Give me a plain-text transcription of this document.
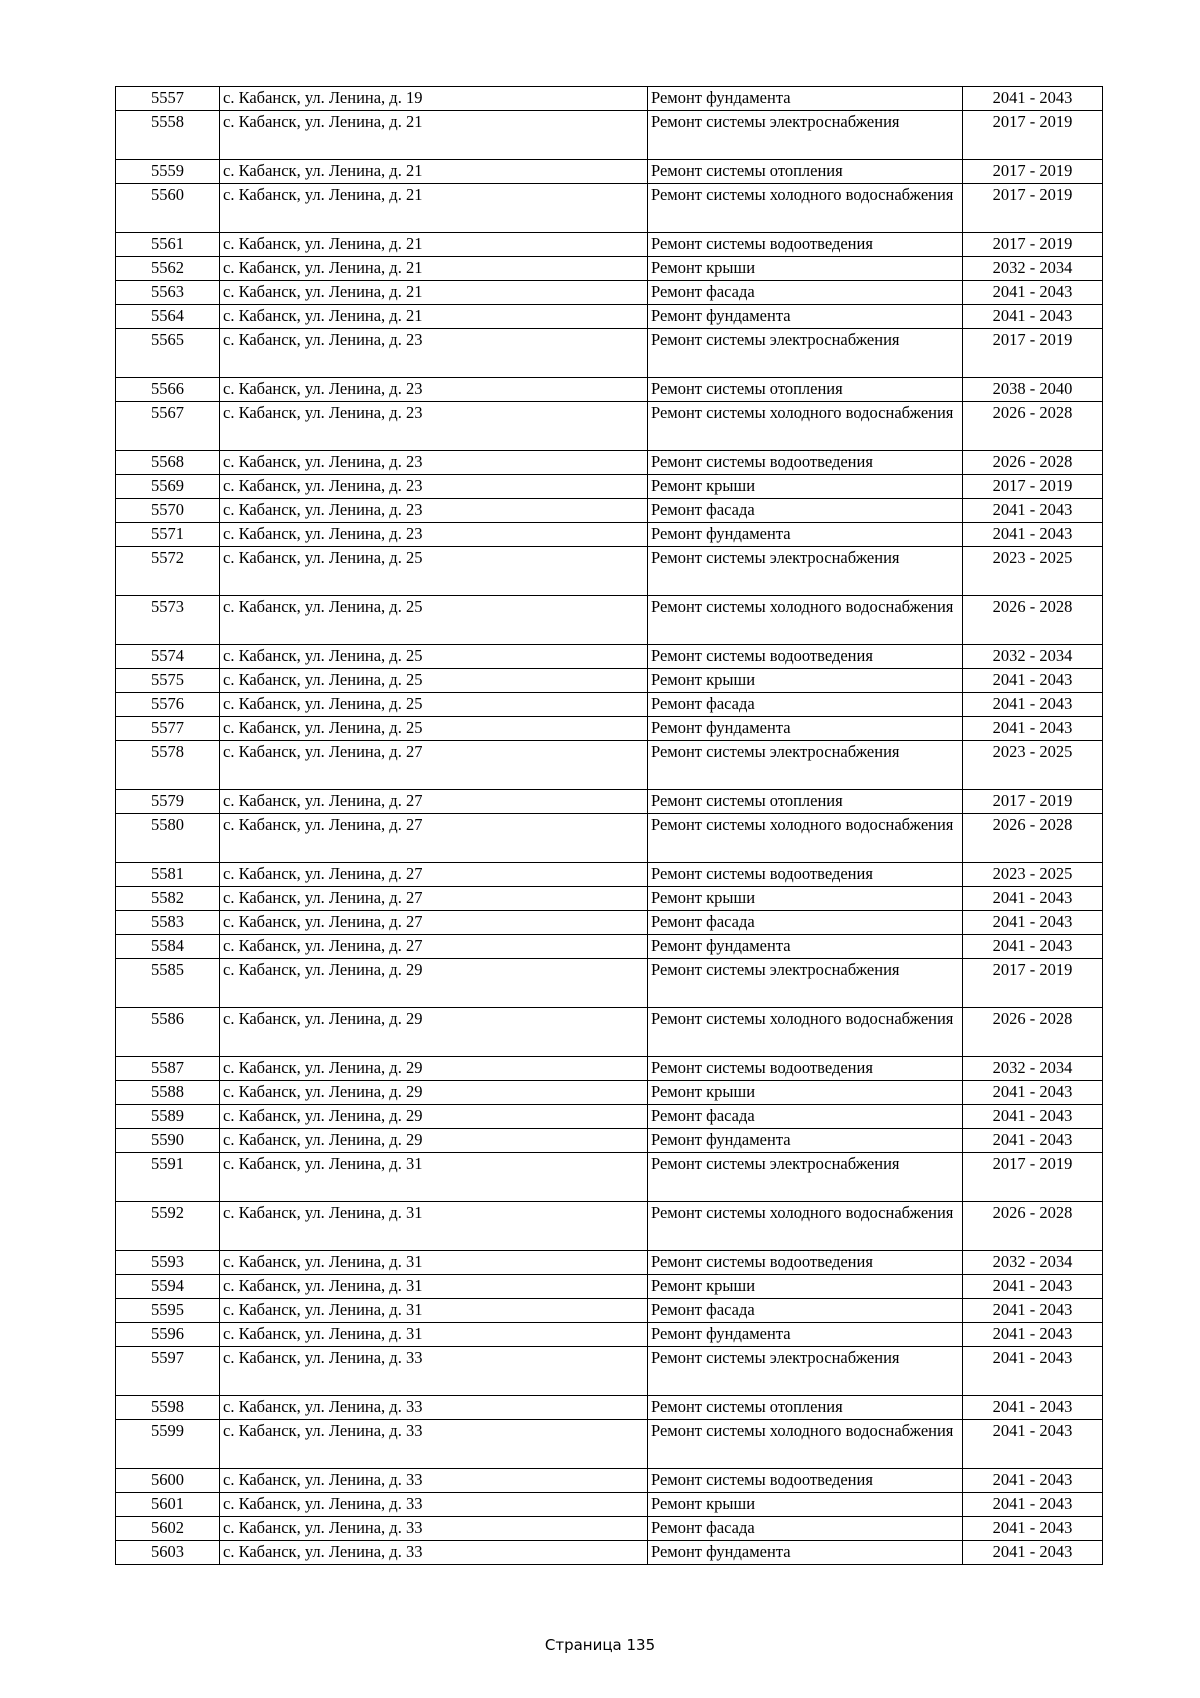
5557	с. Кабанск, ул. Ленина, д. 19	Ремонт фундамента	2041 - 2043
5558	с. Кабанск, ул. Ленина, д. 21	Ремонт системы электроснабжения	2017 - 2019
5559	с. Кабанск, ул. Ленина, д. 21	Ремонт системы отопления	2017 - 2019
5560	с. Кабанск, ул. Ленина, д. 21	Ремонт системы холодного водоснабжения	2017 - 2019
5561	с. Кабанск, ул. Ленина, д. 21	Ремонт системы водоотведения	2017 - 2019
5562	с. Кабанск, ул. Ленина, д. 21	Ремонт крыши	2032 - 2034
5563	с. Кабанск, ул. Ленина, д. 21	Ремонт фасада	2041 - 2043
5564	с. Кабанск, ул. Ленина, д. 21	Ремонт фундамента	2041 - 2043
5565	с. Кабанск, ул. Ленина, д. 23	Ремонт системы электроснабжения	2017 - 2019
5566	с. Кабанск, ул. Ленина, д. 23	Ремонт системы отопления	2038 - 2040
5567	с. Кабанск, ул. Ленина, д. 23	Ремонт системы холодного водоснабжения	2026 - 2028
5568	с. Кабанск, ул. Ленина, д. 23	Ремонт системы водоотведения	2026 - 2028
5569	с. Кабанск, ул. Ленина, д. 23	Ремонт крыши	2017 - 2019
5570	с. Кабанск, ул. Ленина, д. 23	Ремонт фасада	2041 - 2043
5571	с. Кабанск, ул. Ленина, д. 23	Ремонт фундамента	2041 - 2043
5572	с. Кабанск, ул. Ленина, д. 25	Ремонт системы электроснабжения	2023 - 2025
5573	с. Кабанск, ул. Ленина, д. 25	Ремонт системы холодного водоснабжения	2026 - 2028
5574	с. Кабанск, ул. Ленина, д. 25	Ремонт системы водоотведения	2032 - 2034
5575	с. Кабанск, ул. Ленина, д. 25	Ремонт крыши	2041 - 2043
5576	с. Кабанск, ул. Ленина, д. 25	Ремонт фасада	2041 - 2043
5577	с. Кабанск, ул. Ленина, д. 25	Ремонт фундамента	2041 - 2043
5578	с. Кабанск, ул. Ленина, д. 27	Ремонт системы электроснабжения	2023 - 2025
5579	с. Кабанск, ул. Ленина, д. 27	Ремонт системы отопления	2017 - 2019
5580	с. Кабанск, ул. Ленина, д. 27	Ремонт системы холодного водоснабжения	2026 - 2028
5581	с. Кабанск, ул. Ленина, д. 27	Ремонт системы водоотведения	2023 - 2025
5582	с. Кабанск, ул. Ленина, д. 27	Ремонт крыши	2041 - 2043
5583	с. Кабанск, ул. Ленина, д. 27	Ремонт фасада	2041 - 2043
5584	с. Кабанск, ул. Ленина, д. 27	Ремонт фундамента	2041 - 2043
5585	с. Кабанск, ул. Ленина, д. 29	Ремонт системы электроснабжения	2017 - 2019
5586	с. Кабанск, ул. Ленина, д. 29	Ремонт системы холодного водоснабжения	2026 - 2028
5587	с. Кабанск, ул. Ленина, д. 29	Ремонт системы водоотведения	2032 - 2034
5588	с. Кабанск, ул. Ленина, д. 29	Ремонт крыши	2041 - 2043
5589	с. Кабанск, ул. Ленина, д. 29	Ремонт фасада	2041 - 2043
5590	с. Кабанск, ул. Ленина, д. 29	Ремонт фундамента	2041 - 2043
5591	с. Кабанск, ул. Ленина, д. 31	Ремонт системы электроснабжения	2017 - 2019
5592	с. Кабанск, ул. Ленина, д. 31	Ремонт системы холодного водоснабжения	2026 - 2028
5593	с. Кабанск, ул. Ленина, д. 31	Ремонт системы водоотведения	2032 - 2034
5594	с. Кабанск, ул. Ленина, д. 31	Ремонт крыши	2041 - 2043
5595	с. Кабанск, ул. Ленина, д. 31	Ремонт фасада	2041 - 2043
5596	с. Кабанск, ул. Ленина, д. 31	Ремонт фундамента	2041 - 2043
5597	с. Кабанск, ул. Ленина, д. 33	Ремонт системы электроснабжения	2041 - 2043
5598	с. Кабанск, ул. Ленина, д. 33	Ремонт системы отопления	2041 - 2043
5599	с. Кабанск, ул. Ленина, д. 33	Ремонт системы холодного водоснабжения	2041 - 2043
5600	с. Кабанск, ул. Ленина, д. 33	Ремонт системы водоотведения	2041 - 2043
5601	с. Кабанск, ул. Ленина, д. 33	Ремонт крыши	2041 - 2043
5602	с. Кабанск, ул. Ленина, д. 33	Ремонт фасада	2041 - 2043
5603	с. Кабанск, ул. Ленина, д. 33	Ремонт фундамента	2041 - 2043
Страница 135
